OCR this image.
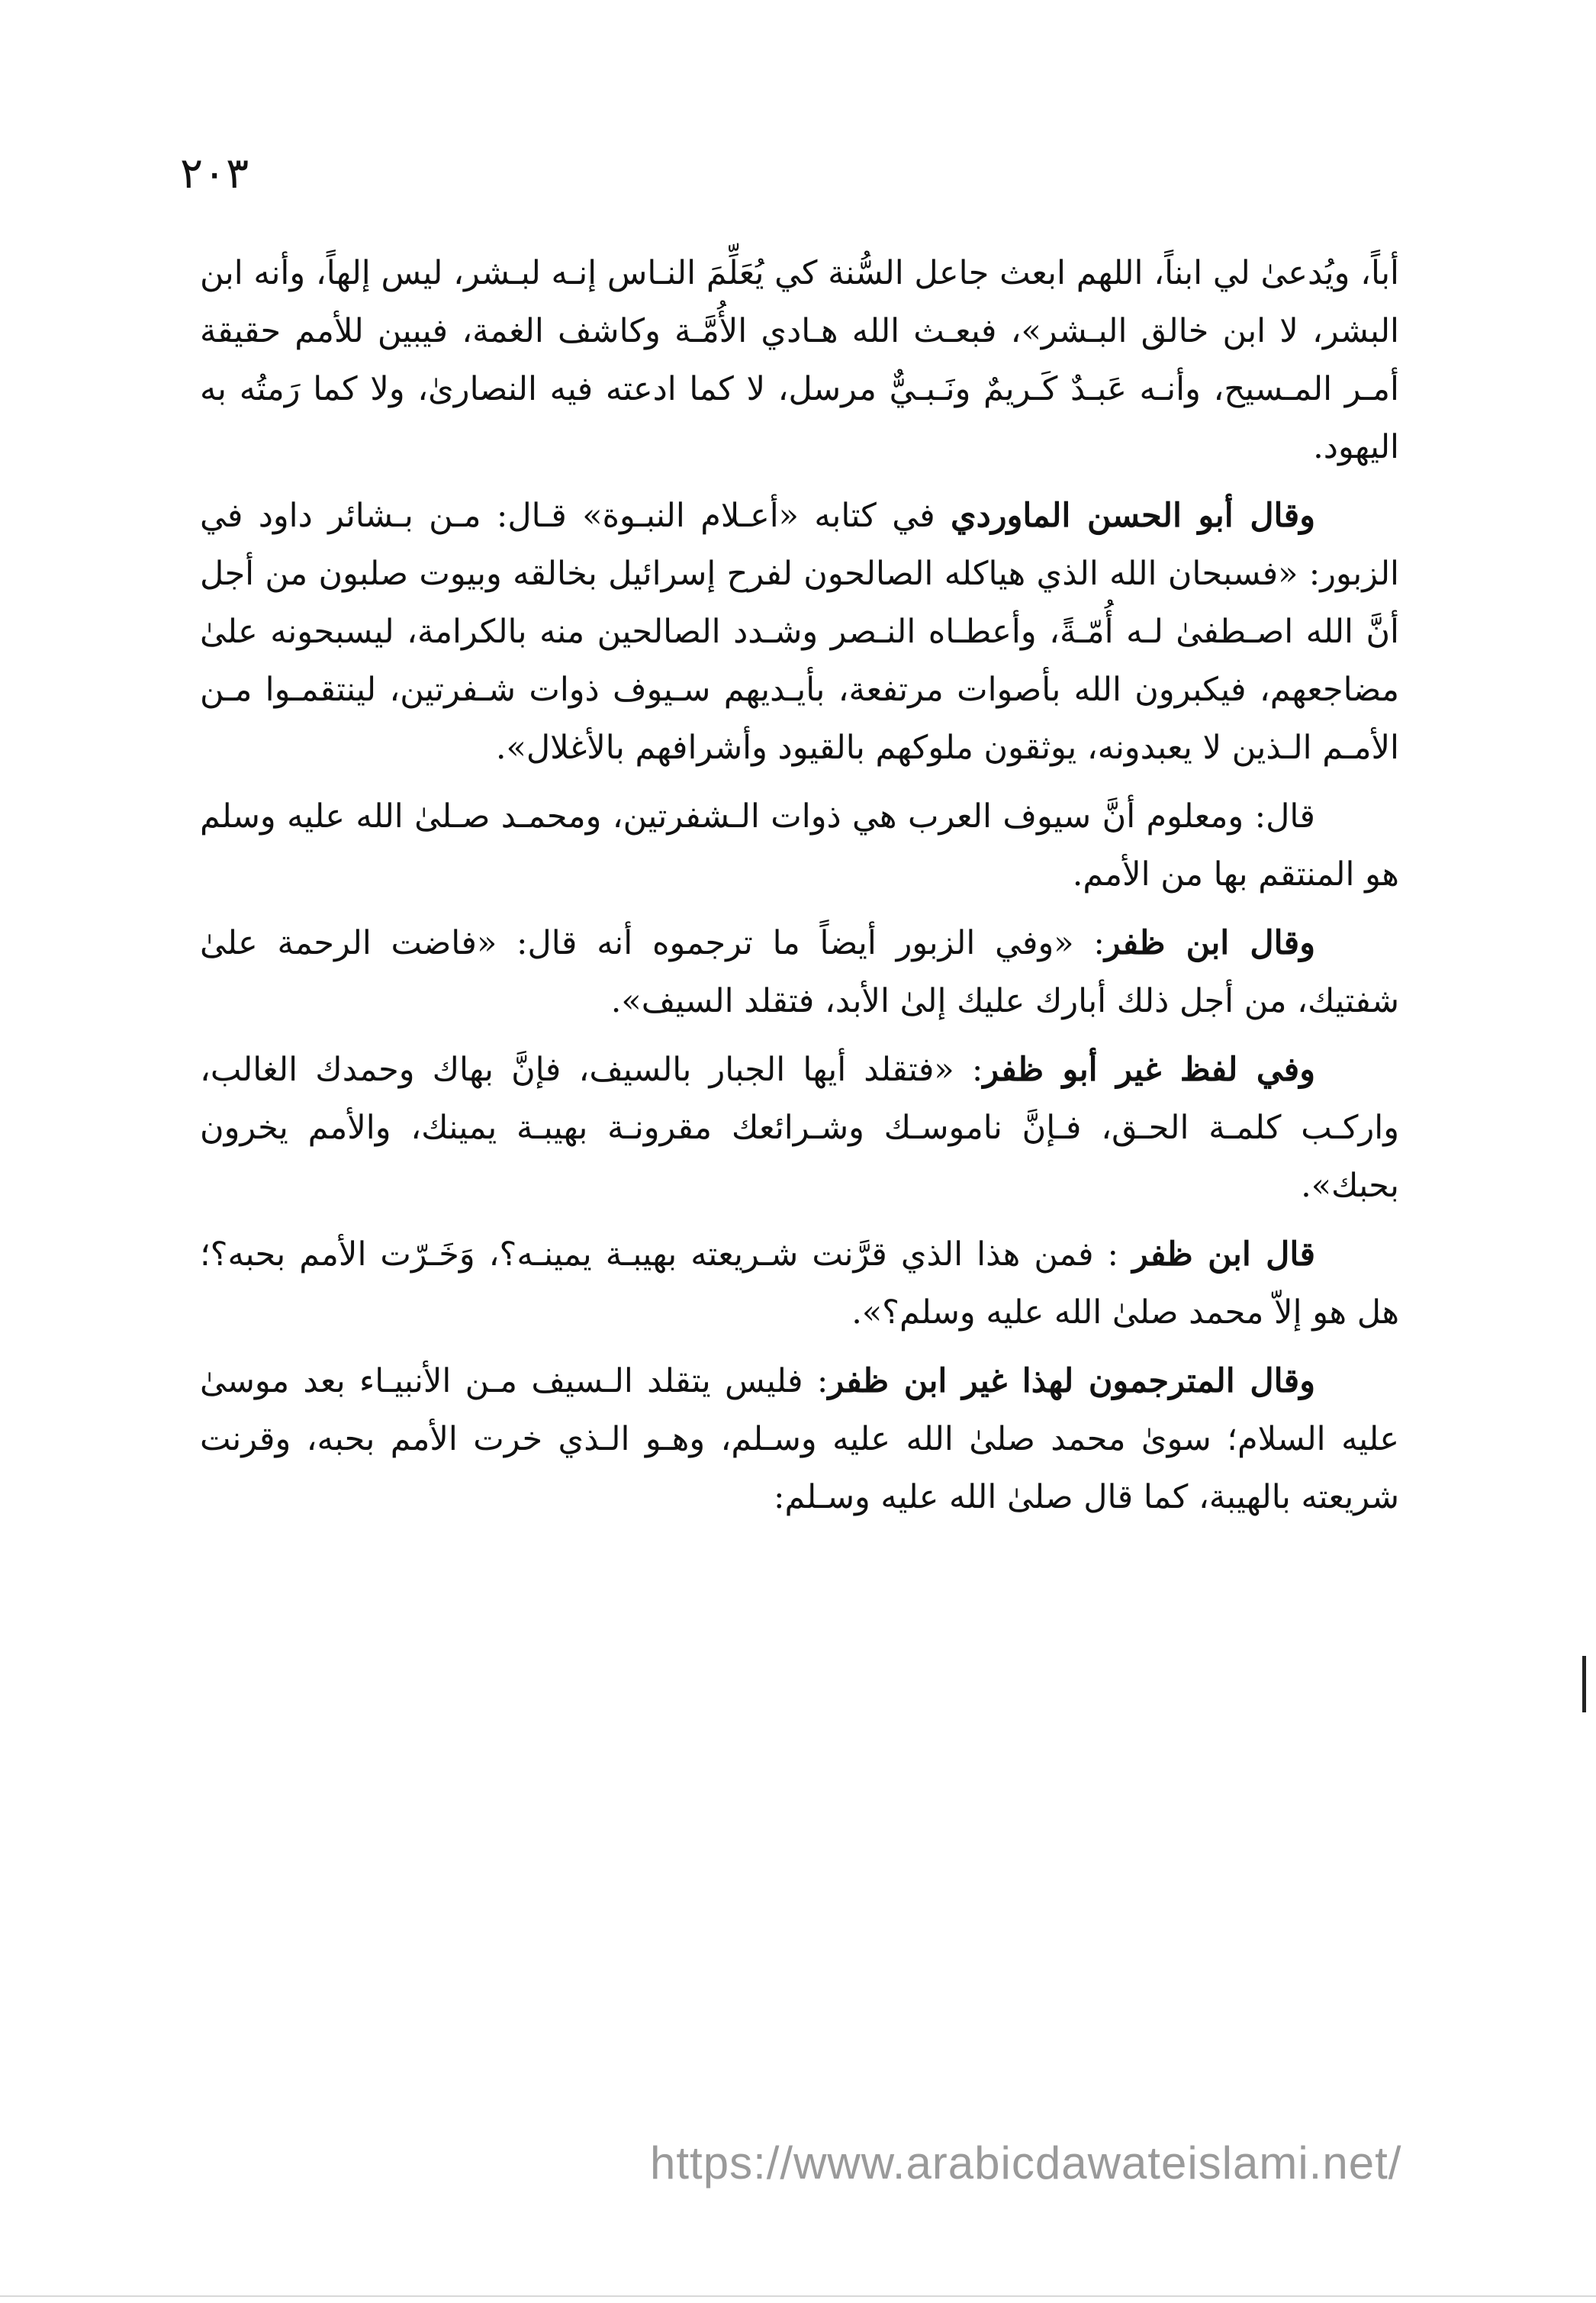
٢٠٣

أباً، ويُدعىٰ لي ابناً، اللهم ابعث جاعل السُّنة كي يُعَلِّمَ النـاس إنـه لبـشر، ليس إلهاً، وأنه ابن البشر، لا ابن خالق البـشر»، فبعـث الله هـادي الأُمَّـة وكاشف الغمة، فيبين للأمم حقيقة أمـر المـسيح، وأنـه عَبـدٌ كَـريمٌ ونَـبـيٌّ مرسل، لا كما ادعته فيه النصارىٰ، ولا كما رَمتُه به اليهود.

وقال أبو الحسن الماوردي في كتابه «أعـلام النبـوة» قـال: مـن بـشائر داود في الزبور: «فسبحان الله الذي هياكله الصالحون لفرح إسرائيل بخالقه وبيوت صلبون من أجل أنَّ الله اصـطفىٰ لـه أُمّـةً، وأعطـاه النـصر وشـدد الصالحين منه بالكرامة، ليسبحونه علىٰ مضاجعهم، فيكبرون الله بأصوات مرتفعة، بأيـديهم سـيوف ذوات شـفرتين، لينتقمـوا مـن الأمـم الـذين لا يعبدونه، يوثقون ملوكهم بالقيود وأشرافهم بالأغلال».

قال: ومعلوم أنَّ سيوف العرب هي ذوات الـشفرتين، ومحمـد صـلىٰ الله عليه وسلم هو المنتقم بها من الأمم.

وقال ابن ظفر: «وفي الزبور أيضاً ما ترجموه أنه قال: «فاضت الرحمة علىٰ شفتيك، من أجل ذلك أبارك عليك إلىٰ الأبد، فتقلد السيف».

وفي لفظ غير أبو ظفر: «فتقلد أيها الجبار بالسيف، فإنَّ بهاك وحمدك الغالب، واركـب كلمـة الحـق، فـإنَّ ناموسـك وشـرائعك مقرونـة بهيبـة يمينك، والأمم يخرون بحبك».

قال ابن ظفر : فمن هذا الذي قرَّنت شـريعته بهيبـة يمينـه؟، وَخَـرّت الأمم بحبه؟؛ هل هو إلاّ محمد صلىٰ الله عليه وسلم؟».

وقال المترجمون لهذا غير ابن ظفر: فليس يتقلد الـسيف مـن الأنبيـاء بعد موسىٰ عليه السلام؛ سوىٰ محمد صلىٰ الله عليه وسـلم، وهـو الـذي خرت الأمم بحبه، وقرنت شريعته بالهيبة، كما قال صلىٰ الله عليه وسـلم:

https://www.arabicdawateislami.net/
